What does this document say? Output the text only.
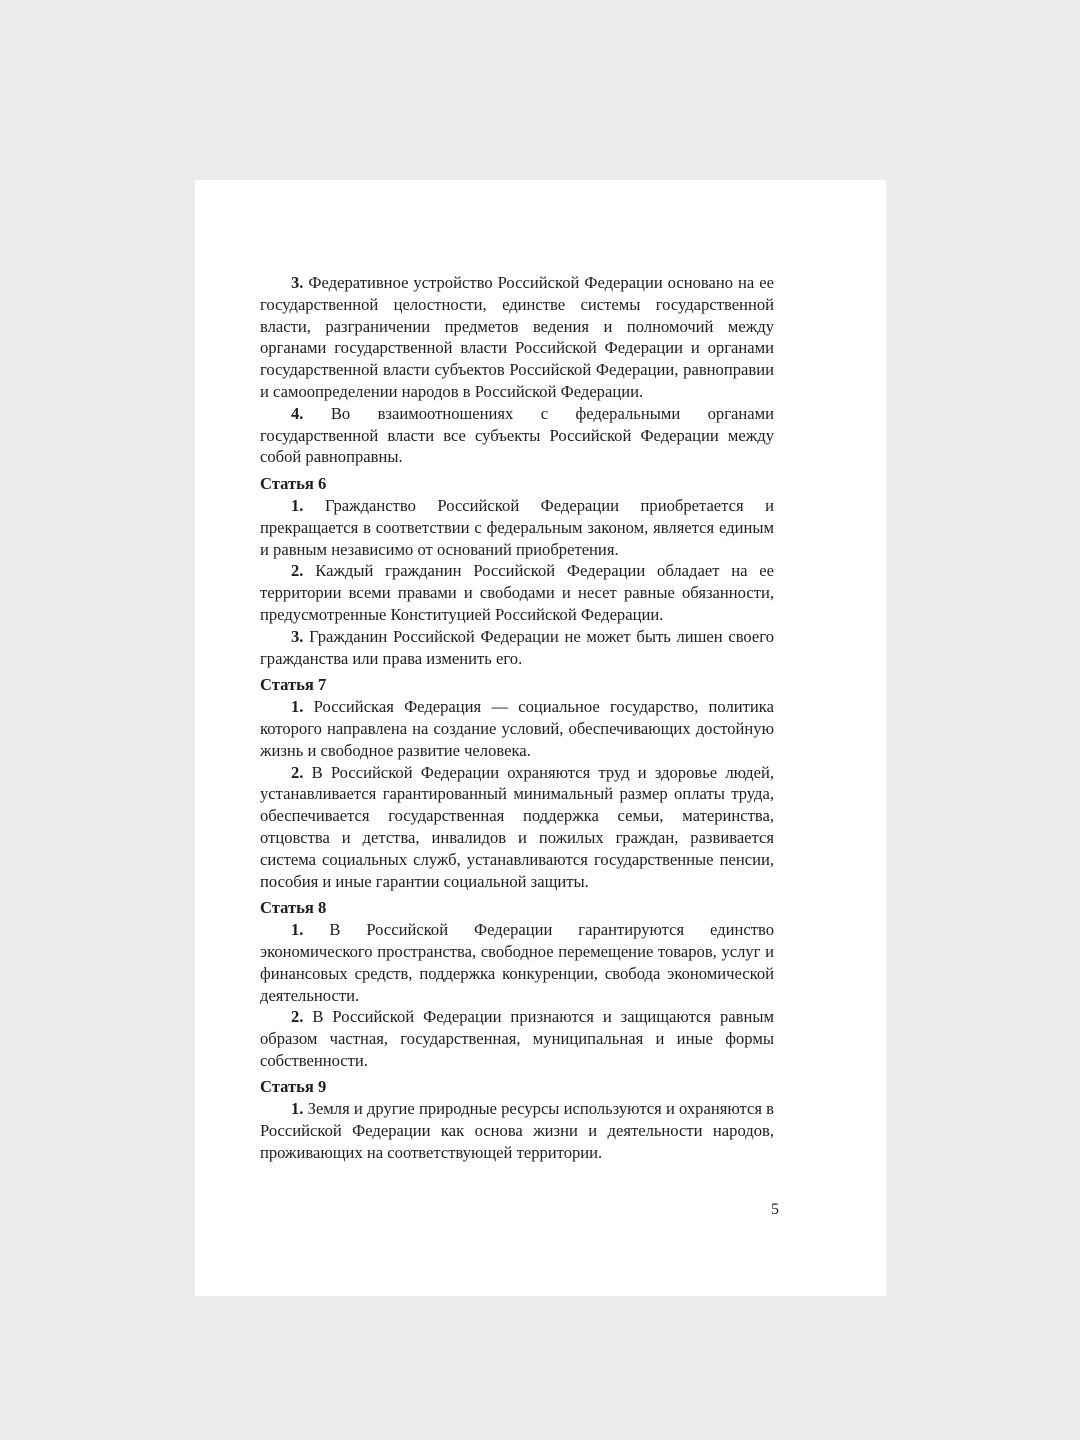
3. Федеративное устройство Российской Федерации основано на ее государственной целостности, единстве системы государственной власти, разграничении предметов ведения и полномочий между органами государственной власти Российской Федерации и органами государственной власти субъектов Российской Федерации, равноправии и самоопределении народов в Российской Федерации.

4. Во взаимоотношениях с федеральными органами государственной власти все субъекты Российской Федерации между собой равноправны.

Статья 6

1. Гражданство Российской Федерации приобретается и прекращается в соответствии с федеральным законом, является единым и равным независимо от оснований приобретения.

2. Каждый гражданин Российской Федерации обладает на ее территории всеми правами и свободами и несет равные обязанности, предусмотренные Конституцией Российской Федерации.

3. Гражданин Российской Федерации не может быть лишен своего гражданства или права изменить его.

Статья 7

1. Российская Федерация — социальное государство, политика которого направлена на создание условий, обеспечивающих достойную жизнь и свободное развитие человека.

2. В Российской Федерации охраняются труд и здоровье людей, устанавливается гарантированный минимальный размер оплаты труда, обеспечивается государственная поддержка семьи, материнства, отцовства и детства, инвалидов и пожилых граждан, развивается система социальных служб, устанавливаются государственные пенсии, пособия и иные гарантии социальной защиты.

Статья 8

1. В Российской Федерации гарантируются единство экономического пространства, свободное перемещение товаров, услуг и финансовых средств, поддержка конкуренции, свобода экономической деятельности.

2. В Российской Федерации признаются и защищаются равным образом частная, государственная, муниципальная и иные формы собственности.

Статья 9

1. Земля и другие природные ресурсы используются и охраняются в Российской Федерации как основа жизни и деятельности народов, проживающих на соответствующей территории.

5
